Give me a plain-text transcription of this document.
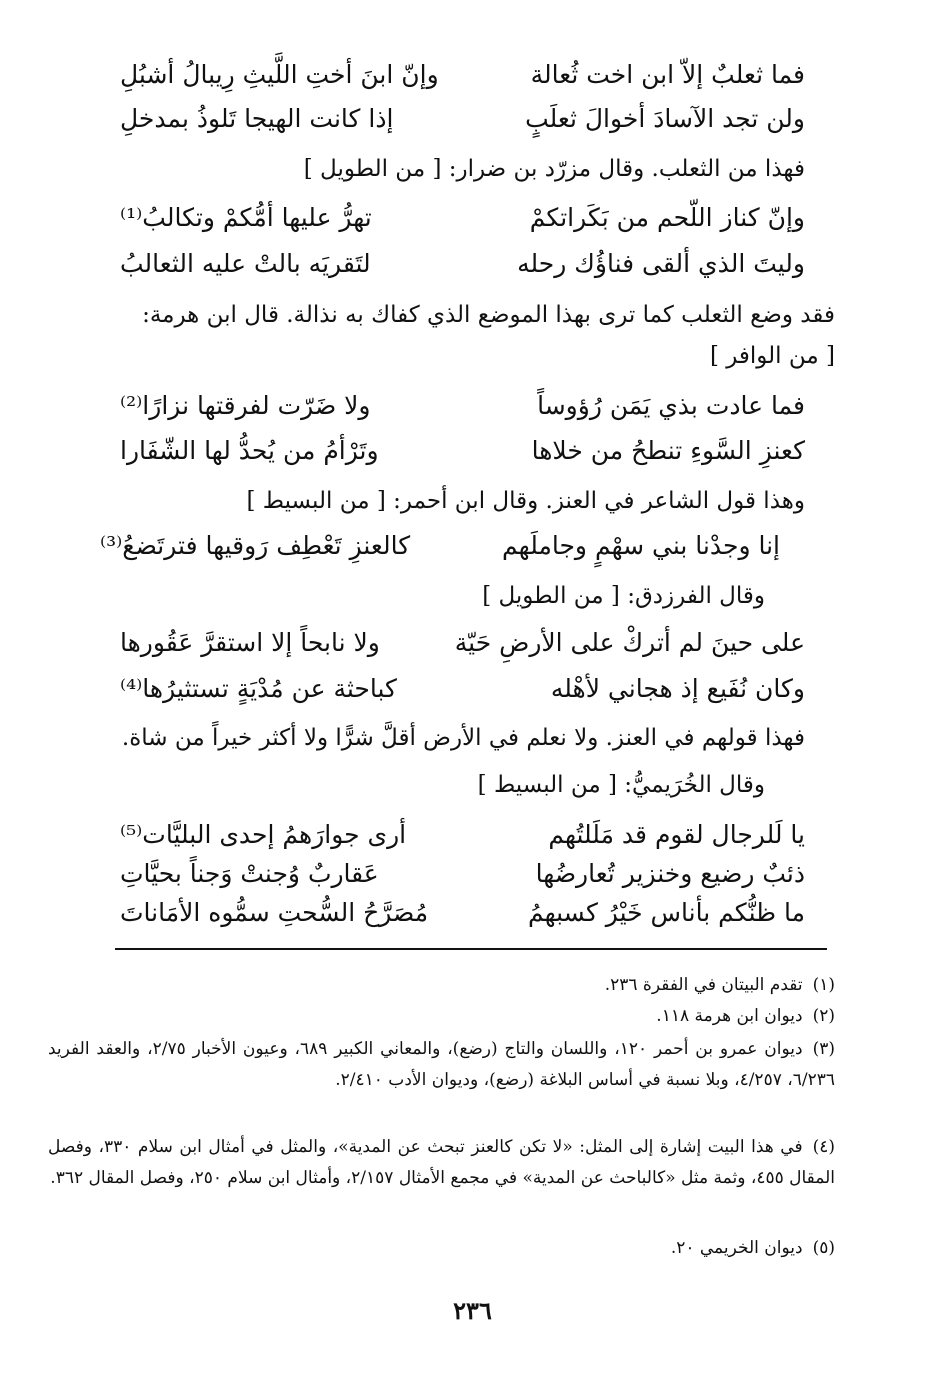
فما ثعلبٌ إلاّ ابن اخت ثُعالة
وإنّ ابنَ أختِ اللَّيثِ رِيبالُ أشبُلِ
ولن تجد الآسادَ أخوالَ ثعلَبٍ
إذا كانت الهيجا تَلوذُ بمدخلِ
فهذا من الثعلب. وقال مزرّد بن ضرار: [ من الطويل ]
وإنّ كناز اللّحم من بَكَراتكمْ
تهرُّ عليها أمُّكمْ وتكالبُ⁽¹⁾
وليتَ الذي ألقى فناؤُك رحله
لتَقريَه بالتْ عليه الثعالبُ
فقد وضع الثعلب كما ترى بهذا الموضع الذي كفاك به نذالة. قال ابن هرمة:
[ من الوافر ]
فما عادت بذي يَمَن رُؤوساً
ولا ضَرّت لفرقتها نزارًا⁽²⁾
كعنزِ السَّوءِ تنطحُ من خلاها
وتَرْأمُ من يُحدُّ لها الشّفَارا
وهذا قول الشاعر في العنز. وقال ابن أحمر: [ من البسيط ]
إنا وجدْنا بني سهْمٍ وجاملَهم
كالعنزِ تَعْطِف رَوقيها فترتَضعُ⁽³⁾
وقال الفرزدق: [ من الطويل ]
على حينَ لم أتركْ على الأرضِ حَيّة
ولا نابحاً إلا استقرَّ عَقُورها
وكان نُفَيع إذ هجاني لأهْله
كباحثة عن مُدْيَةٍ تستثيرُها⁽⁴⁾
فهذا قولهم في العنز. ولا نعلم في الأرض أقلَّ شرًّا ولا أكثر خيراً من شاة.
وقال الخُرَيميُّ: [ من البسيط ]
يا لَلرجال لقوم قد مَلَلتُهم
أرى جوارَهمُ إحدى البليَّات⁽⁵⁾
ذئبٌ رضيع وخنزير تُعارضُها
عَقاربٌ وُجنتْ وَجناً بحيَّاتِ
ما ظنُّكم بأناس خَيْرُ كسبهمُ
مُصَرَّحُ السُّحتِ سمُّوه الأمَاناتَ
(١)تقدم البيتان في الفقرة ٢٣٦.
(٢)ديوان ابن هرمة ١١٨.
(٣)ديوان عمرو بن أحمر ١٢٠، واللسان والتاج (رضع)، والمعاني الكبير ٦٨٩، وعيون الأخبار ٢/٧٥، والعقد الفريد ٦/٢٣٦، ٤/٢٥٧، وبلا نسبة في أساس البلاغة (رضع)، وديوان الأدب ٢/٤١٠.
(٤)في هذا البيت إشارة إلى المثل: «لا تكن كالعنز تبحث عن المدية»، والمثل في أمثال ابن سلام ٣٣٠، وفصل المقال ٤٥٥، وثمة مثل «كالباحث عن المدية» في مجمع الأمثال ٢/١٥٧، وأمثال ابن سلام ٢٥٠، وفصل المقال ٣٦٢.
(٥)ديوان الخريمي ٢٠.
٢٣٦
